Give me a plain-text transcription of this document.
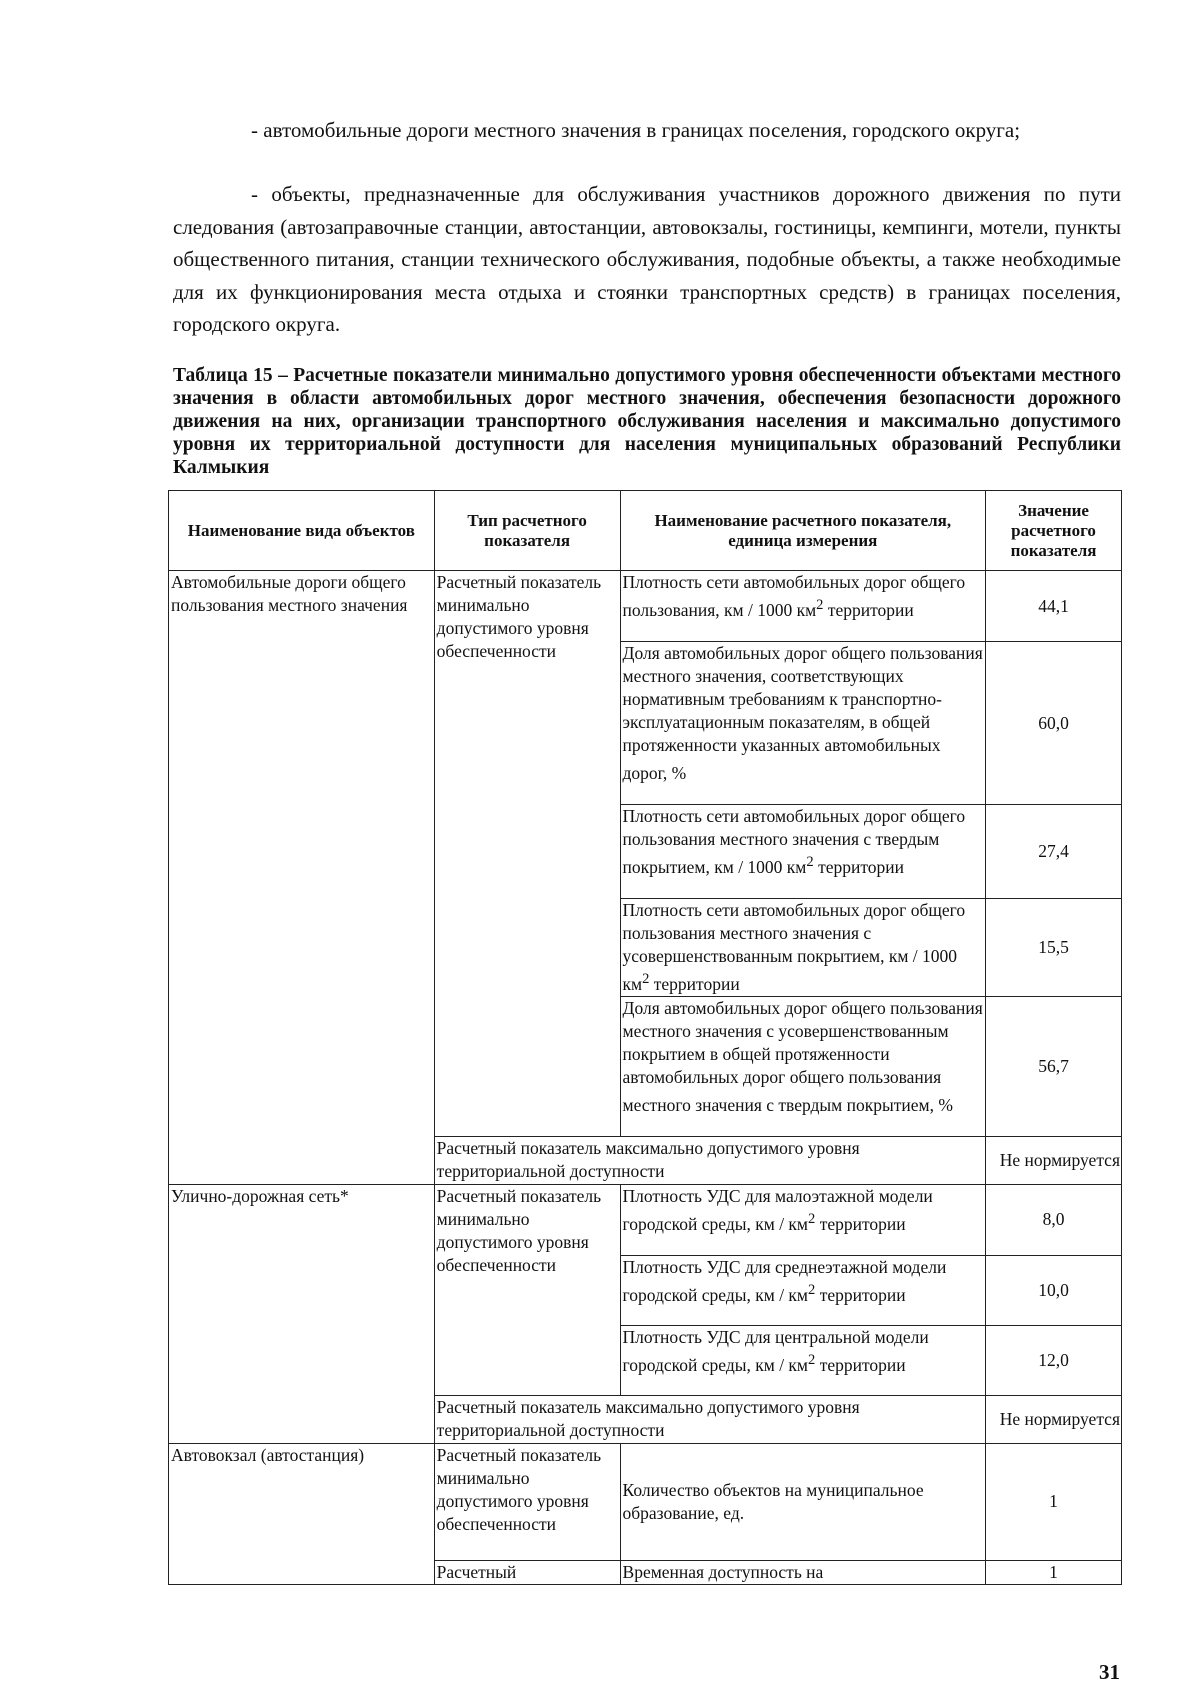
- автомобильные дороги местного значения в границах поселения, городского округа;

- объекты, предназначенные для обслуживания участников дорожного движения по пути следования (автозаправочные станции, автостанции, автовокзалы, гостиницы, кемпинги, мотели, пункты общественного питания, станции технического обслуживания, подобные объекты, а также необходимые для их функционирования места отдыха и стоянки транспортных средств) в границах поселения, городского округа.

Таблица 15 – Расчетные показатели минимально допустимого уровня обеспеченности объектами местного значения в области автомобильных дорог местного значения, обеспечения безопасности дорожного движения на них, организации транспортного обслуживания населения и максимально допустимого уровня их территориальной доступности для населения муниципальных образований Республики Калмыкия

Наименование вида объектов	Тип расчетного показателя	Наименование расчетного показателя, единица измерения	Значение расчетного показателя
Автомобильные дороги общего пользования местного значения	Расчетный показатель минимально допустимого уровня обеспеченности	Плотность сети автомобильных дорог общего пользования, км / 1000 $км^2$ территории	44,1
		Доля автомобильных дорог общего пользования местного значения, соответствующих нормативным требованиям к транспортно-эксплуатационным показателям, в общей протяженности указанных автомобильных дорог, %	60,0
		Плотность сети автомобильных дорог общего пользования местного значения с твердым покрытием, км / 1000 $км^2$ территории	27,4
		Плотность сети автомобильных дорог общего пользования местного значения с усовершенствованным покрытием, км / 1000 $км^2$ территории	15,5
		Доля автомобильных дорог общего пользования местного значения с усовершенствованным покрытием в общей протяженности автомобильных дорог общего пользования местного значения с твердым покрытием, %	56,7
	Расчетный показатель максимально допустимого уровня территориальной доступности		Не нормируется
Улично-дорожная сеть*	Расчетный показатель минимально допустимого уровня обеспеченности	Плотность УДС для малоэтажной модели городской среды, км / $км^2$ территории	8,0
		Плотность УДС для среднеэтажной модели городской среды, км / $км^2$ территории	10,0
		Плотность УДС для центральной модели городской среды, км / $км^2$ территории	12,0
	Расчетный показатель максимально допустимого уровня территориальной доступности		Не нормируется
Автовокзал (автостанция)	Расчетный показатель минимально допустимого уровня обеспеченности	Количество объектов на муниципальное образование, ед.	1
	Расчетный	Временная доступность на	1
31
